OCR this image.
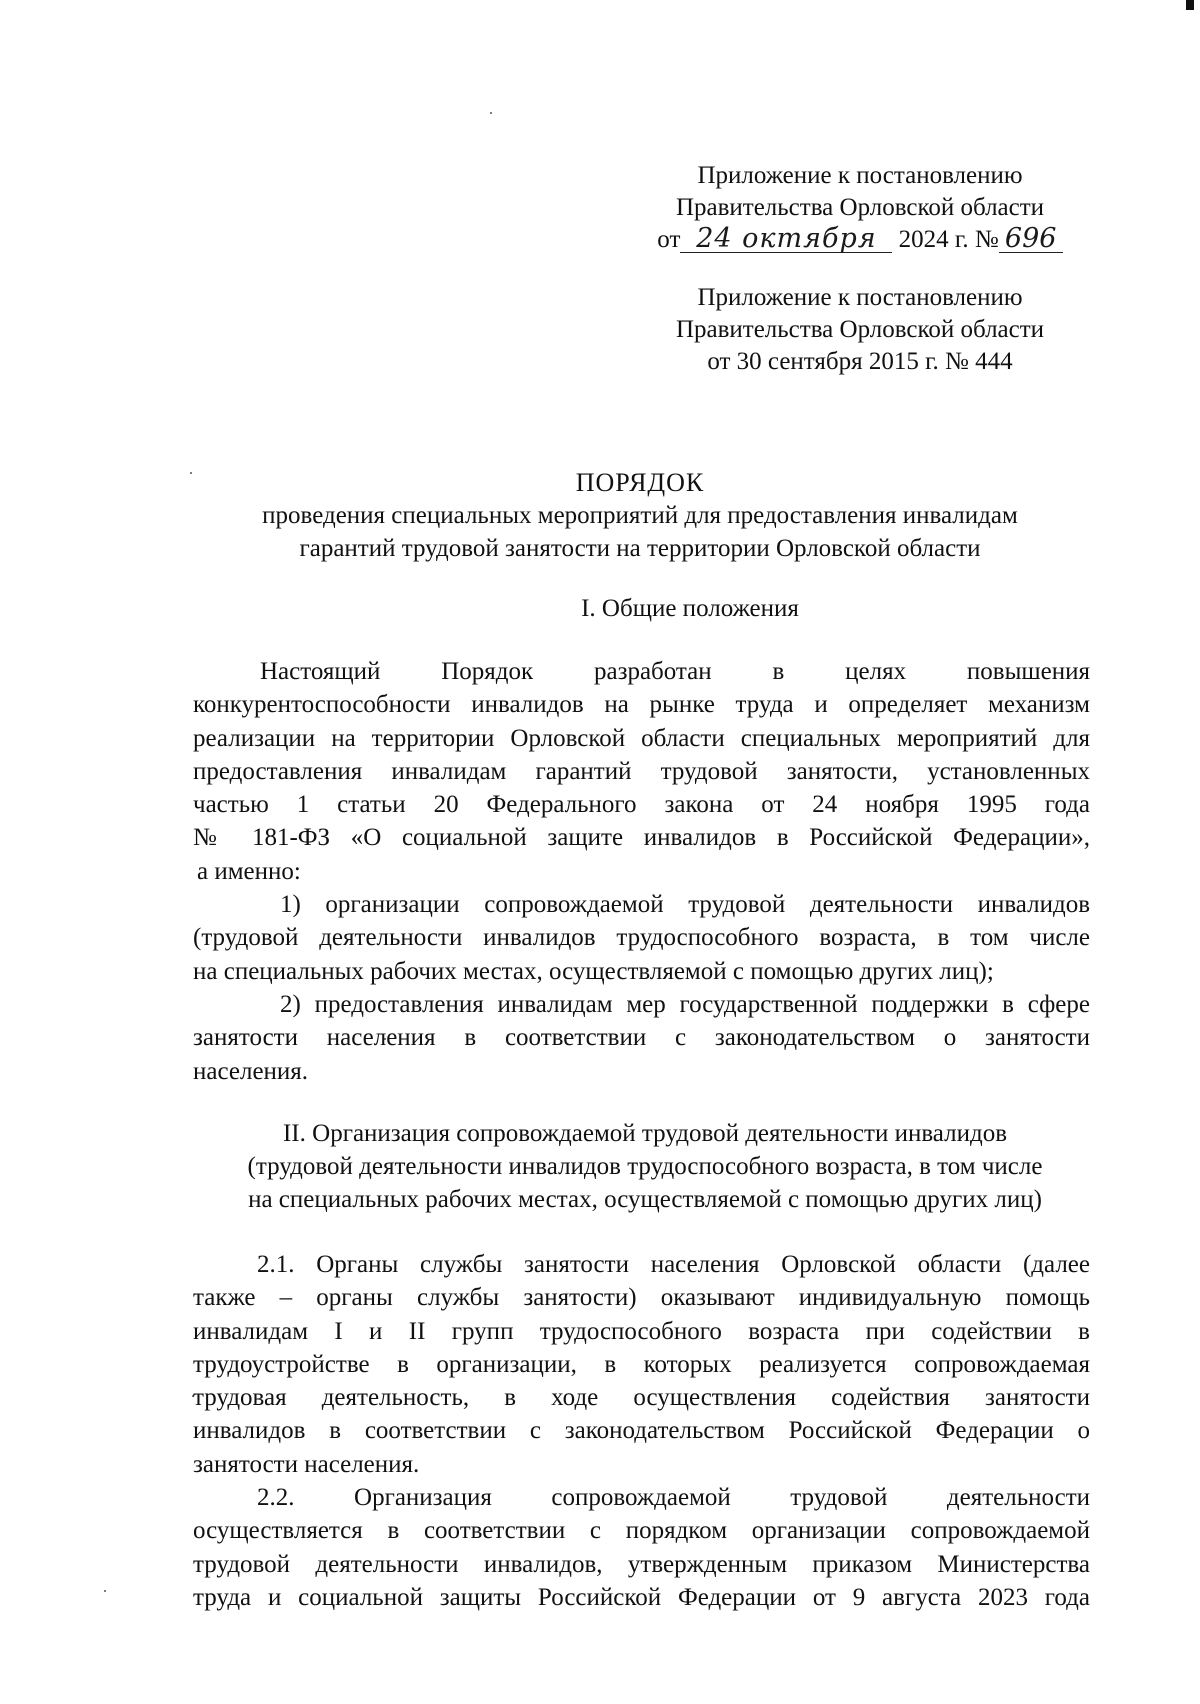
Приложение к постановлению
Правительства Орловской области
от 24 октября 2024 г. № 696
Приложение к постановлению
Правительства Орловской области
от 30 сентября 2015 г. № 444
ПОРЯДОК
проведения специальных мероприятий для предоставления инвалидам
гарантий трудовой занятости на территории Орловской области
I. Общие положения
Настоящий Порядок разработан в целях повышения
конкурентоспособности инвалидов на рынке труда и определяет механизм
реализации на территории Орловской области специальных мероприятий для
предоставления инвалидам гарантий трудовой занятости, установленных
частью 1 статьи 20 Федерального закона от 24 ноября 1995 года
№ 181-ФЗ «О социальной защите инвалидов в Российской Федерации»,
а именно:
1) организации сопровождаемой трудовой деятельности инвалидов
(трудовой деятельности инвалидов трудоспособного возраста, в том числе
на специальных рабочих местах, осуществляемой с помощью других лиц);
2) предоставления инвалидам мер государственной поддержки в сфере
занятости населения в соответствии с законодательством о занятости
населения.
II. Организация сопровождаемой трудовой деятельности инвалидов
(трудовой деятельности инвалидов трудоспособного возраста, в том числе
на специальных рабочих местах, осуществляемой с помощью других лиц)
2.1. Органы службы занятости населения Орловской области (далее
также – органы службы занятости) оказывают индивидуальную помощь
инвалидам I и II групп трудоспособного возраста при содействии в
трудоустройстве в организации, в которых реализуется сопровождаемая
трудовая деятельность, в ходе осуществления содействия занятости
инвалидов в соответствии с законодательством Российской Федерации о
занятости населения.
2.2. Организация сопровождаемой трудовой деятельности
осуществляется в соответствии с порядком организации сопровождаемой
трудовой деятельности инвалидов, утвержденным приказом Министерства
труда и социальной защиты Российской Федерации от 9 августа 2023 года
